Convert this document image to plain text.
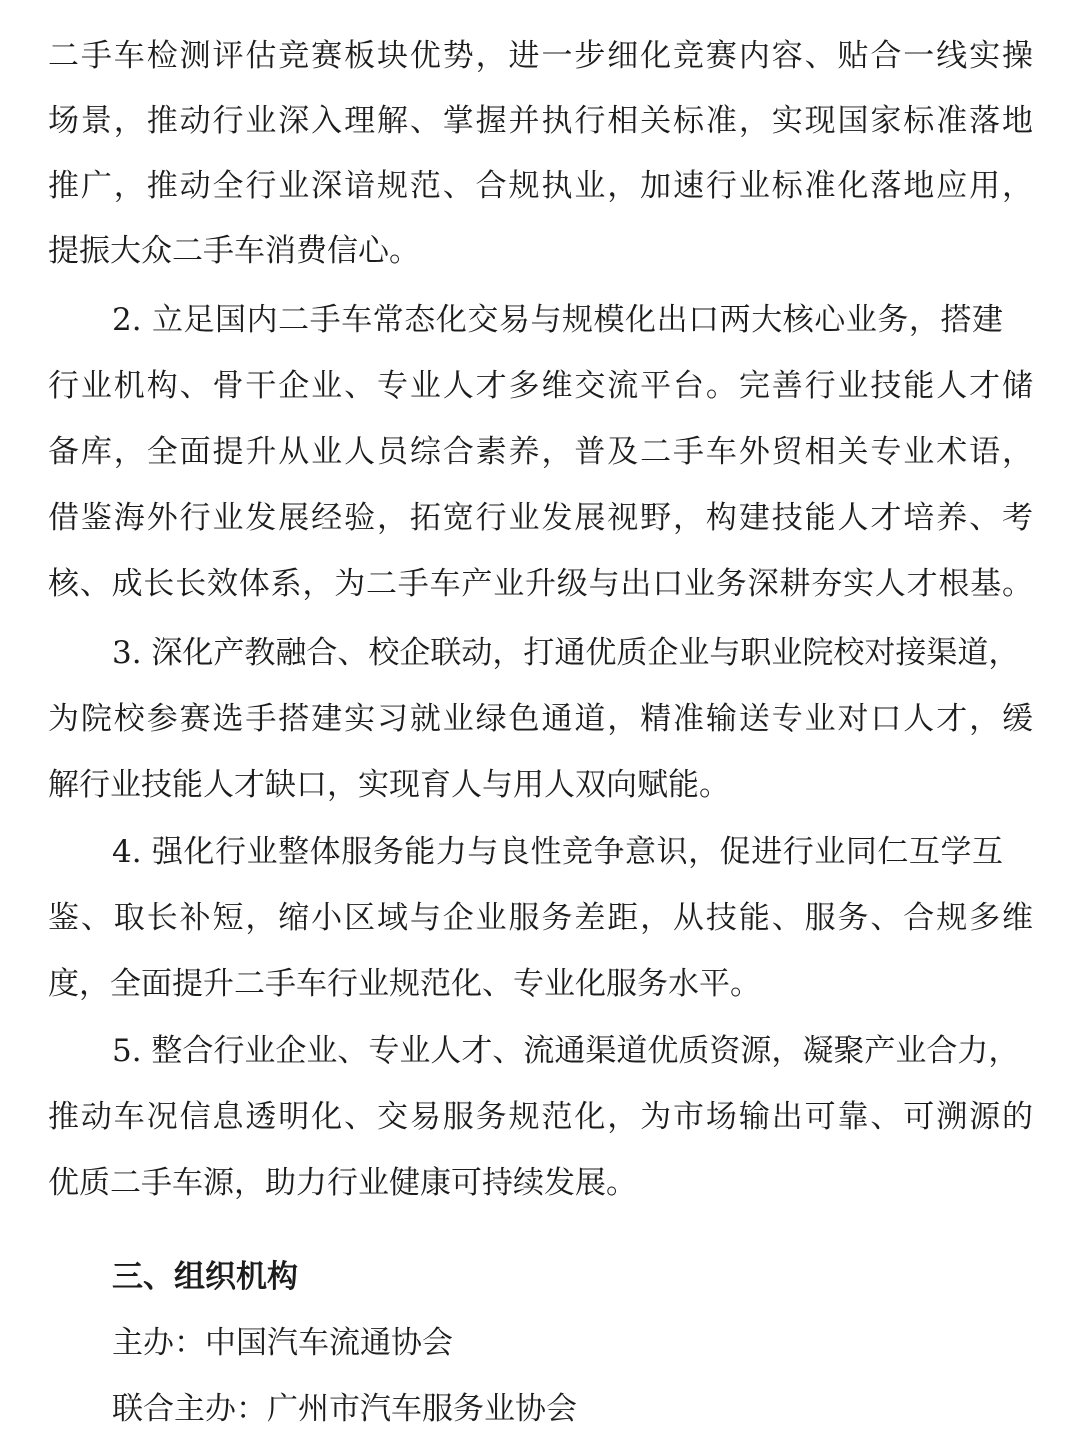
二手车检测评估竞赛板块优势，进一步细化竞赛内容、贴合一线实操
场景，推动行业深入理解、掌握并执行相关标准，实现国家标准落地
推广，推动全行业深谙规范、合规执业，加速行业标准化落地应用，
提振大众二手车消费信心。
2. 立足国内二手车常态化交易与规模化出口两大核心业务，搭建
行业机构、骨干企业、专业人才多维交流平台。完善行业技能人才储
备库，全面提升从业人员综合素养，普及二手车外贸相关专业术语，
借鉴海外行业发展经验，拓宽行业发展视野，构建技能人才培养、考
核、成长长效体系，为二手车产业升级与出口业务深耕夯实人才根基。
3. 深化产教融合、校企联动，打通优质企业与职业院校对接渠道，
为院校参赛选手搭建实习就业绿色通道，精准输送专业对口人才，缓
解行业技能人才缺口，实现育人与用人双向赋能。
4. 强化行业整体服务能力与良性竞争意识，促进行业同仁互学互
鉴、取长补短，缩小区域与企业服务差距，从技能、服务、合规多维
度，全面提升二手车行业规范化、专业化服务水平。
5. 整合行业企业、专业人才、流通渠道优质资源，凝聚产业合力，
推动车况信息透明化、交易服务规范化，为市场输出可靠、可溯源的
优质二手车源，助力行业健康可持续发展。
三、组织机构
主办：中国汽车流通协会
联合主办：广州市汽车服务业协会
